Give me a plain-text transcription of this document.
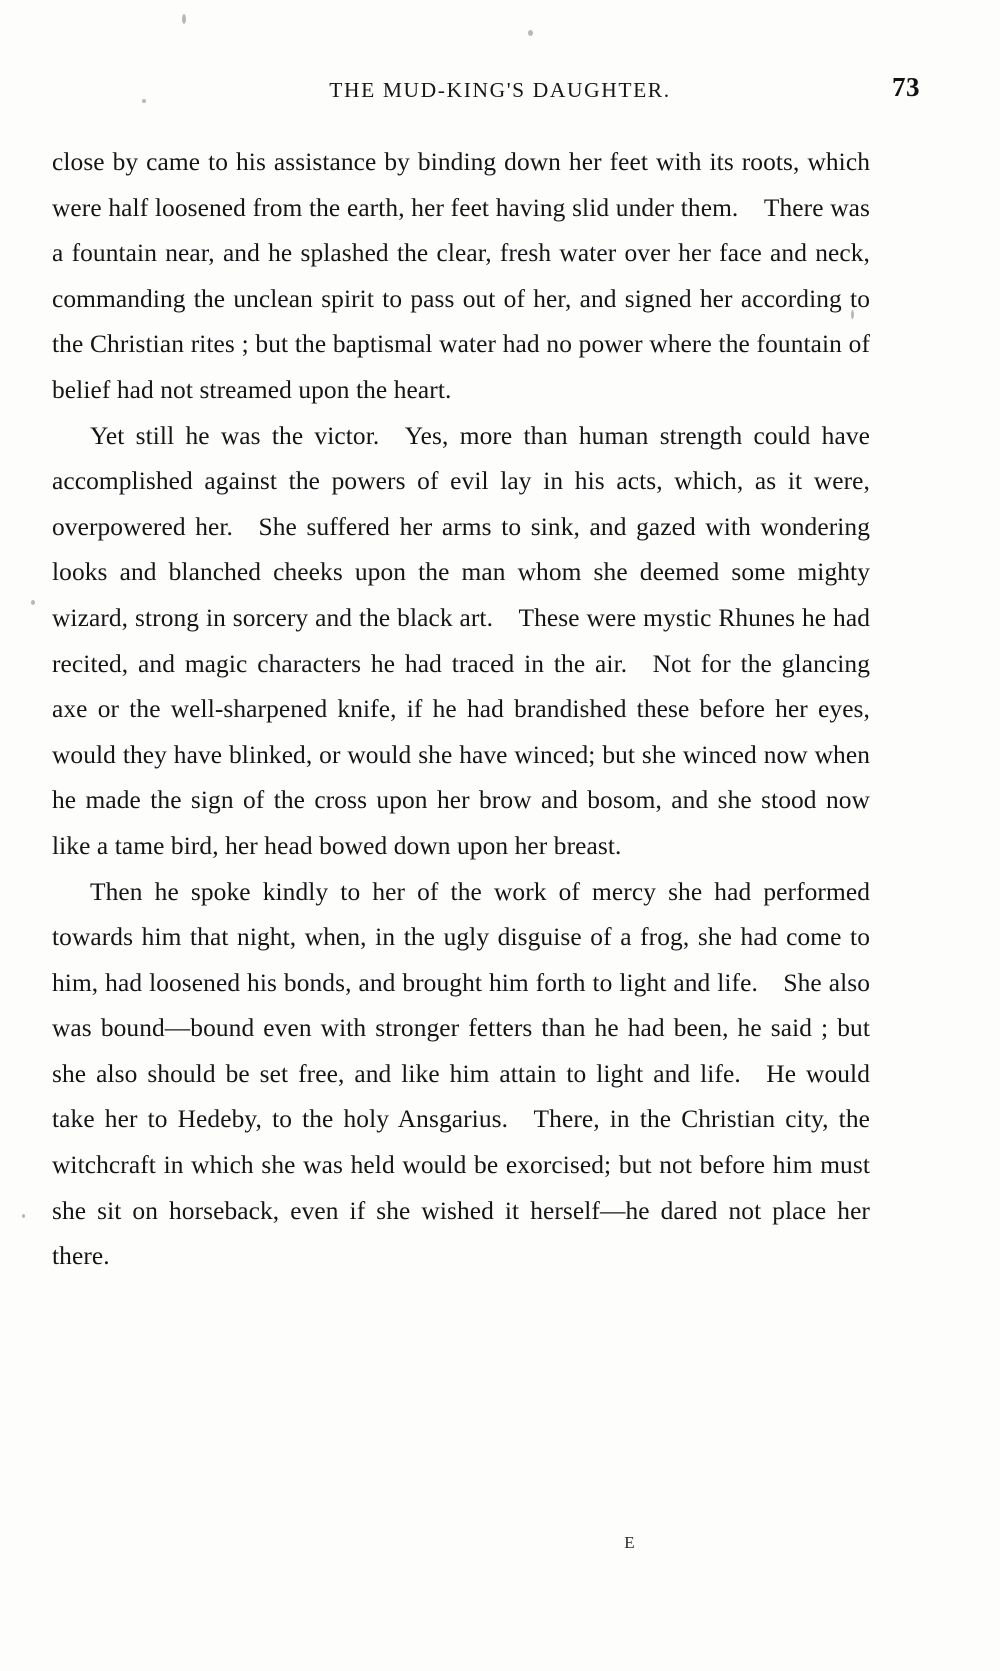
THE MUD-KING'S DAUGHTER.	73

close by came to his assistance by binding down her feet with its roots, which were half loosened from the earth, her feet having slid under them. There was a fountain near, and he splashed the clear, fresh water over her face and neck, commanding the unclean spirit to pass out of her, and signed her according to the Christian rites ; but the baptismal water had no power where the fountain of belief had not streamed upon the heart.

Yet still he was the victor. Yes, more than human strength could have accomplished against the powers of evil lay in his acts, which, as it were, overpowered her. She suffered her arms to sink, and gazed with wondering looks and blanched cheeks upon the man whom she deemed some mighty wizard, strong in sorcery and the black art. These were mystic Rhunes he had recited, and magic characters he had traced in the air. Not for the glancing axe or the well-sharpened knife, if he had brandished these before her eyes, would they have blinked, or would she have winced; but she winced now when he made the sign of the cross upon her brow and bosom, and she stood now like a tame bird, her head bowed down upon her breast.

Then he spoke kindly to her of the work of mercy she had performed towards him that night, when, in the ugly disguise of a frog, she had come to him, had loosened his bonds, and brought him forth to light and life. She also was bound—bound even with stronger fetters than he had been, he said ; but she also should be set free, and like him attain to light and life. He would take her to Hedeby, to the holy Ansgarius. There, in the Christian city, the witchcraft in which she was held would be exorcised; but not before him must she sit on horseback, even if she wished it herself—he dared not place her there.

E
